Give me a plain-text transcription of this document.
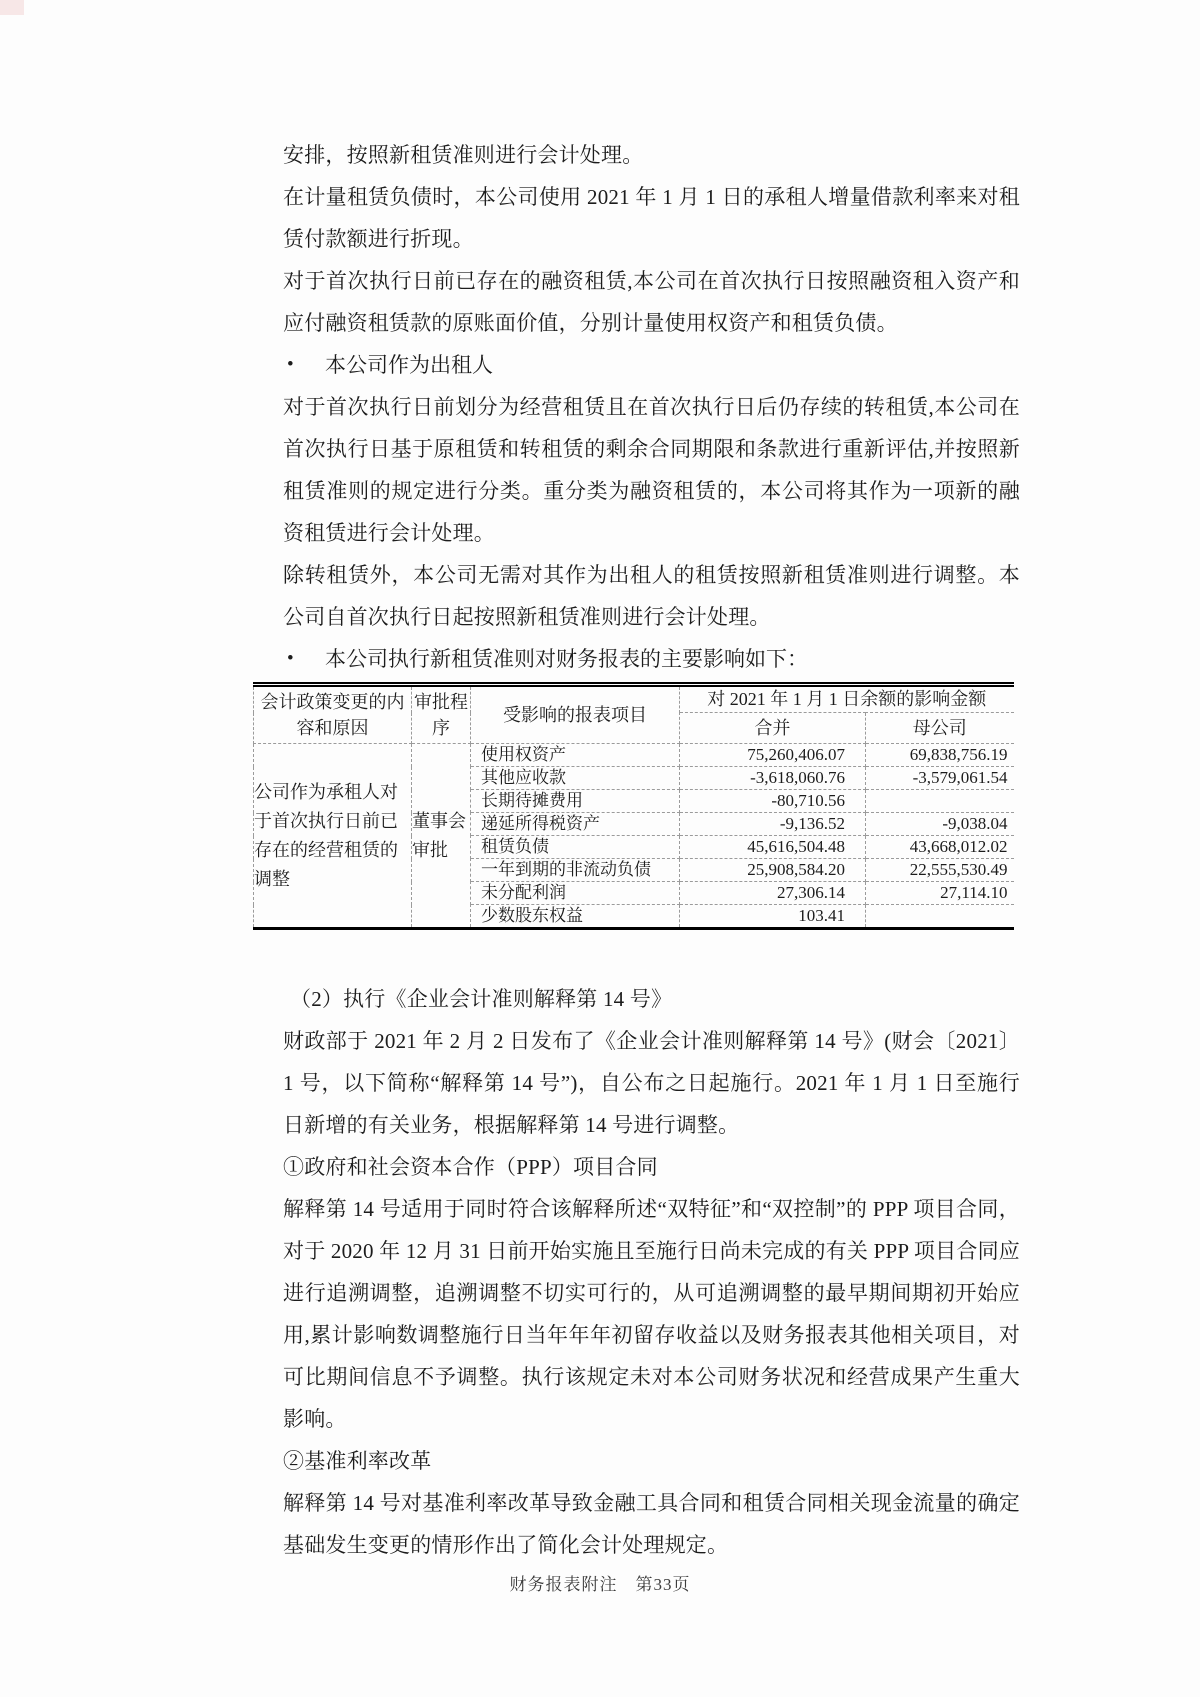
安排，按照新租赁准则进行会计处理。

在计量租赁负债时，本公司使用 2021 年 1 月 1 日的承租人增量借款利率来对租赁付款额进行折现。

对于首次执行日前已存在的融资租赁,本公司在首次执行日按照融资租入资产和应付融资租赁款的原账面价值，分别计量使用权资产和租赁负债。

•	本公司作为出租人

对于首次执行日前划分为经营租赁且在首次执行日后仍存续的转租赁,本公司在首次执行日基于原租赁和转租赁的剩余合同期限和条款进行重新评估,并按照新租赁准则的规定进行分类。重分类为融资租赁的，本公司将其作为一项新的融资租赁进行会计处理。

除转租赁外，本公司无需对其作为出租人的租赁按照新租赁准则进行调整。本公司自首次执行日起按照新租赁准则进行会计处理。

•	本公司执行新租赁准则对财务报表的主要影响如下：
会计政策变更的内容和原因	审批程序	受影响的报表项目	对 2021 年 1 月 1 日余额的影响金额	
			合并	母公司
公司作为承租人对于首次执行日前已存在的经营租赁的调整	董事会审批	使用权资产	75,260,406.07	69,838,756.19
		其他应收款	-3,618,060.76	-3,579,061.54
		长期待摊费用	-80,710.56	
		递延所得税资产	-9,136.52	-9,038.04
		租赁负债	45,616,504.48	43,668,012.02
		一年到期的非流动负债	25,908,584.20	22,555,530.49
		未分配利润	27,306.14	27,114.10
		少数股东权益	103.41	

（2）执行《企业会计准则解释第 14 号》

财政部于 2021 年 2 月 2 日发布了《企业会计准则解释第 14 号》(财会〔2021〕1 号，以下简称“解释第 14 号”)，自公布之日起施行。2021 年 1 月 1 日至施行日新增的有关业务，根据解释第 14 号进行调整。

①政府和社会资本合作（PPP）项目合同

解释第 14 号适用于同时符合该解释所述“双特征”和“双控制”的 PPP 项目合同，对于 2020 年 12 月 31 日前开始实施且至施行日尚未完成的有关 PPP 项目合同应进行追溯调整，追溯调整不切实可行的，从可追溯调整的最早期间期初开始应用,累计影响数调整施行日当年年年初留存收益以及财务报表其他相关项目，对可比期间信息不予调整。执行该规定未对本公司财务状况和经营成果产生重大影响。

②基准利率改革

解释第 14 号对基准利率改革导致金融工具合同和租赁合同相关现金流量的确定基础发生变更的情形作出了简化会计处理规定。

财务报表附注　第33页
